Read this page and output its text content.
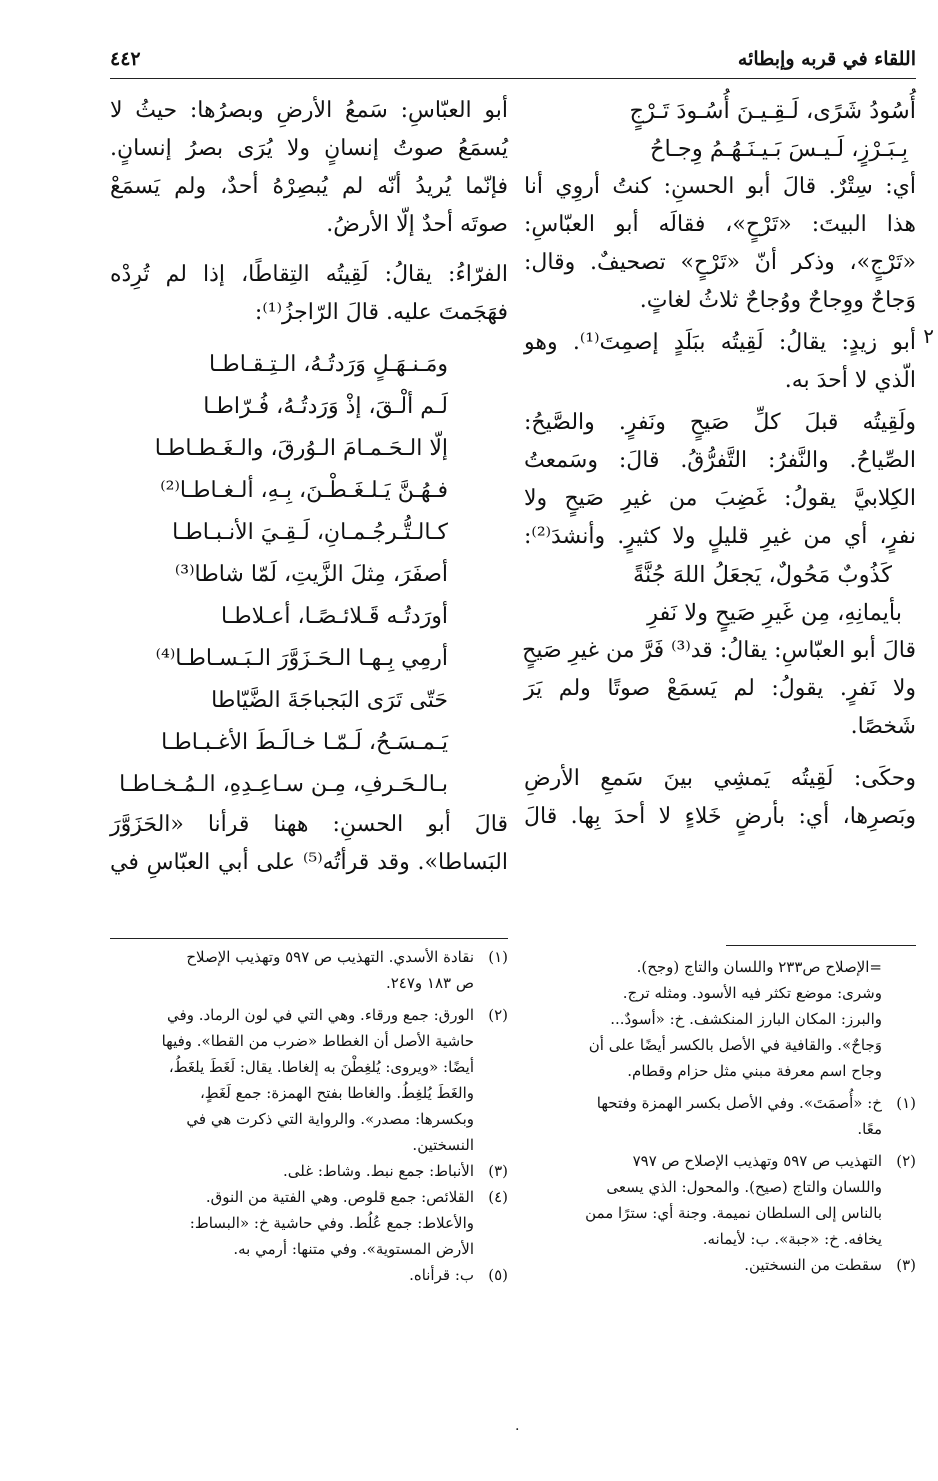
اللقاء في قربه وإبطائه
٤٤٢
أُسُودُ شَرًى، لَـقِـيـنَ أُسُـودَ تَـرْجٍ
بِـبَـرْزٍ، لَـيـسَ بَـيـنَـهُـمُ وِجـاحُ
أي: سِتْرٌ. قالَ أبو الحسنِ: كنتُ أروِي أنا
هذا البيتَ: «تَرْحٍ»، فقالَه أبو العبّاسِ:
«تَرْجٍ»، وذكر أنّ «تَرْحٍ» تصحيفٌ. وقال:
وَجاحٌ ووِجاحٌ ووُجاحٌ ثلاثُ لغاتٍ.
٢
أبو زيدٍ: يقالُ: لَقِيتُه ببَلَدٍ إصمِتَ⁽¹⁾. وهو
الّذي لا أحدَ به.
ولَقِيتُه قبلَ كلِّ صَيحٍ ونَفرٍ. والصَّيحُ:
الصِّياحُ. والنَّفرُ: التَّفرُّقُ. قالَ: وسَمعتُ
الكِلابيَّ يقولُ: غَضِبَ من غيرِ صَيحٍ ولا
نفرٍ، أي من غيرِ قليلٍ ولا كثيرٍ. وأنشدَ⁽²⁾:
كَذُوبٌ مَحُولٌ، يَجعَلُ اللهَ جُنَّةً
بأيمانِهِ، مِن غَيرِ صَيحٍ ولا نَفرِ
قالَ أبو العبّاسِ: يقالُ: قد⁽³⁾ فَرَّ من غيرِ صَيحٍ
ولا نَفرٍ. يقولُ: لم يَسمَعْ صوتًا ولم يَرَ
شَخصًا.
وحكَى: لَقِيتُه يَمشِي بينَ سَمعِ الأرضِ
وبَصرِها، أي: بأرضٍ خَلاءٍ لا أحدَ بِها. قالَ
أبو العبّاسِ: سَمعُ الأرضِ وبصرُها: حيثُ لا
يُسمَعُ صوتُ إنسانٍ ولا يُرَى بصرُ إنسانٍ.
فإنّما يُريدُ أنّه لم يُبصِرْهُ أحدٌ، ولم يَسمَعْ
صوتَه أحدٌ إلّا الأرضُ.
الفرّاءُ: يقالُ: لَقِيتُه التِقاطًا، إذا لم تُرِدْه
فهَجَمتَ عليه. قالَ الرّاجزُ⁽¹⁾:
ومَـنـهَـلٍ وَرَدتُـهُ، الـتِـقـاطـا
لَـم ألْـقَ، إذْ وَرَدتُـهُ، فُـرّاطـا
إلّا الـحَـمـامَ الـوُرقَ، والـغَـطـاطـا
فـهُـنَّ يَـلـغَـطْـنَ، بِـهِ، ألـغـاطـا⁽²⁾
كـالـتُّـرجُـمـانِ، لَـقِـيَ الأنـبـاطـا
أصفَرَ، مِثلَ الزَّيتِ، لَمّا شاطا⁽³⁾
أورَدتُـه قَـلائـصًـا، أعـلاطـا
أرمِي بِـهـا الـحَـزَوَّرَ الـبَـسـاطـا⁽⁴⁾
حَتّى تَرَى البَجباجَةَ الضَّيّاطا
يَـمـسَـحُ، لَـمّـا خـالَـطَ الأغـبـاطـا
بـالـحَـرفِ، مِـن سـاعِـدِهِ، الـمُـخـاطـا
قالَ أبو الحسنِ: ههنا قرأنا «الحَزَوَّرَ
البَساطا». وقد قرأتُه⁽⁵⁾ على أبي العبّاسِ في
(١)
نقادة الأسدي. التهذيب ص ٥٩٧ وتهذيب الإصلاح
ص ١٨٣ و٢٤٧.
(٢)
الورق: جمع ورقاء. وهي التي في لون الرماد. وفي
حاشية الأصل أن الغطاط «ضرب من القطا». وفيها
أيضًا: «ويروى: يُلغِطْنَ به إلغاطا. يقال: لَغَطَ يلغَطُ،
والغَطَ يُلغِطُ. والغاطا بفتح الهمزة: جمع لَغَطٍ،
وبكسرها: مصدر». والرواية التي ذكرت هي في
النسختين.
(٣)
الأنباط: جمع نبط. وشاط: غلى.
(٤)
القلائص: جمع قلوص. وهي الفتية من النوق.
والأعلاط: جمع عُلُط. وفي حاشية خ: «البساط:
الأرض المستوية». وفي متنها: أرمي به.
(٥)
ب: قرأناه.
=الإصلاح ص٢٣٣ واللسان والتاج (وجح).
وشرى: موضع تكثر فيه الأسود. ومثله ترج.
والبرز: المكان البارز المنكشف. خ: «أسودٌ...
وَجاحٌ». والقافية في الأصل بالكسر أيضًا على أن
وجاح اسم معرفة مبني مثل حزام وقطام.
(١)
خ: «أُصمَتَ». وفي الأصل بكسر الهمزة وفتحها
معًا.
(٢)
التهذيب ص ٥٩٧ وتهذيب الإصلاح ص ٧٩٧
واللسان والتاج (صيح). والمحول: الذي يسعى
بالناس إلى السلطان نميمة. وجنة أي: سترًا ممن
يخافه. خ: «جبة». ب: لأيمانه.
(٣)
سقطت من النسختين.
.
